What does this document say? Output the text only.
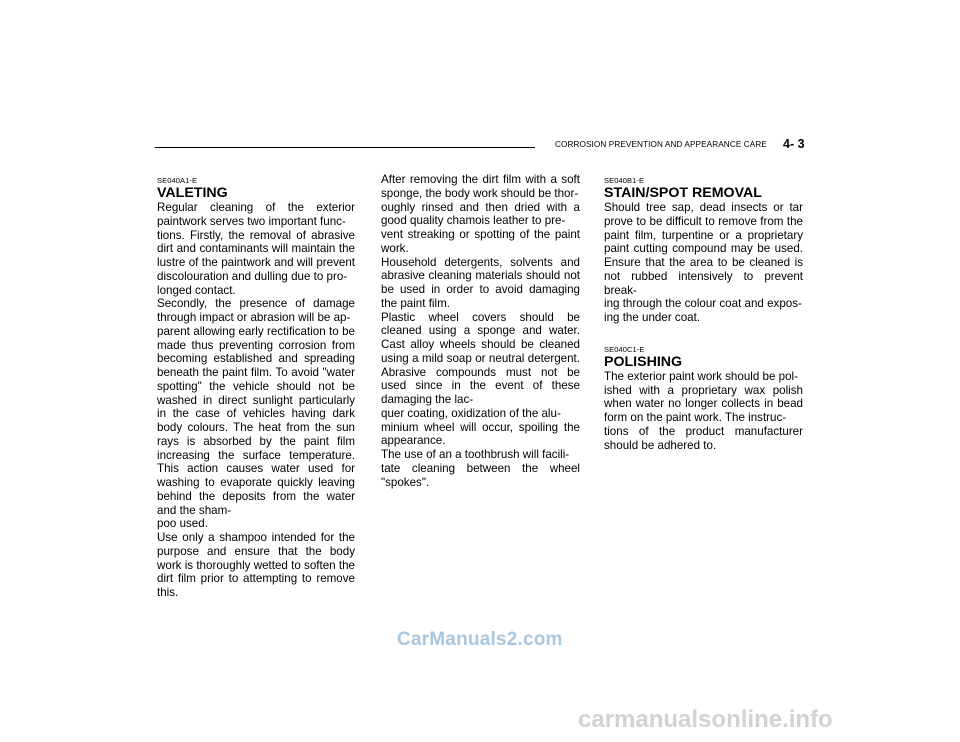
CORROSION PREVENTION AND APPEARANCE CARE 4- 3

SE040A1-E

VALETING

Regular cleaning of the exterior paintwork serves two important func-
tions. Firstly, the removal of abrasive dirt and contaminants will maintain the lustre of the paintwork and will prevent discolouration and dulling due to pro-
longed contact.
Secondly, the presence of damage through impact or abrasion will be ap-
parent allowing early rectification to be made thus preventing corrosion from becoming established and spreading beneath the paint film. To avoid "water spotting" the vehicle should not be washed in direct sunlight particularly in the case of vehicles having dark body colours. The heat from the sun rays is absorbed by the paint film increasing the surface temperature. This action causes water used for washing to evaporate quickly leaving behind the deposits from the water and the sham-
poo used.
Use only a shampoo intended for the purpose and ensure that the body work is thoroughly wetted to soften the dirt film prior to attempting to remove this.

After removing the dirt film with a soft sponge, the body work should be thor-
oughly rinsed and then dried with a good quality chamois leather to pre-
vent streaking or spotting of the paint work.
Household detergents, solvents and abrasive cleaning materials should not be used in order to avoid damaging the paint film.
Plastic wheel covers should be cleaned using a sponge and water. Cast alloy wheels should be cleaned using a mild soap or neutral detergent. Abrasive compounds must not be used since in the event of these damaging the lac-
quer coating, oxidization of the alu-
minium wheel will occur, spoiling the appearance.
The use of an a toothbrush will facili-
tate cleaning between the wheel "spokes".

SE040B1-E

STAIN/SPOT REMOVAL

Should tree sap, dead insects or tar prove to be difficult to remove from the paint film, turpentine or a proprietary paint cutting compound may be used. Ensure that the area to be cleaned is not rubbed intensively to prevent break-
ing through the colour coat and expos-
ing the under coat.

SE040C1-E

POLISHING

The exterior paint work should be pol-
ished with a proprietary wax polish when water no longer collects in bead form on the paint work. The instruc-
tions of the product manufacturer should be adhered to.

CarManuals2.com
carmanualsonline.info
